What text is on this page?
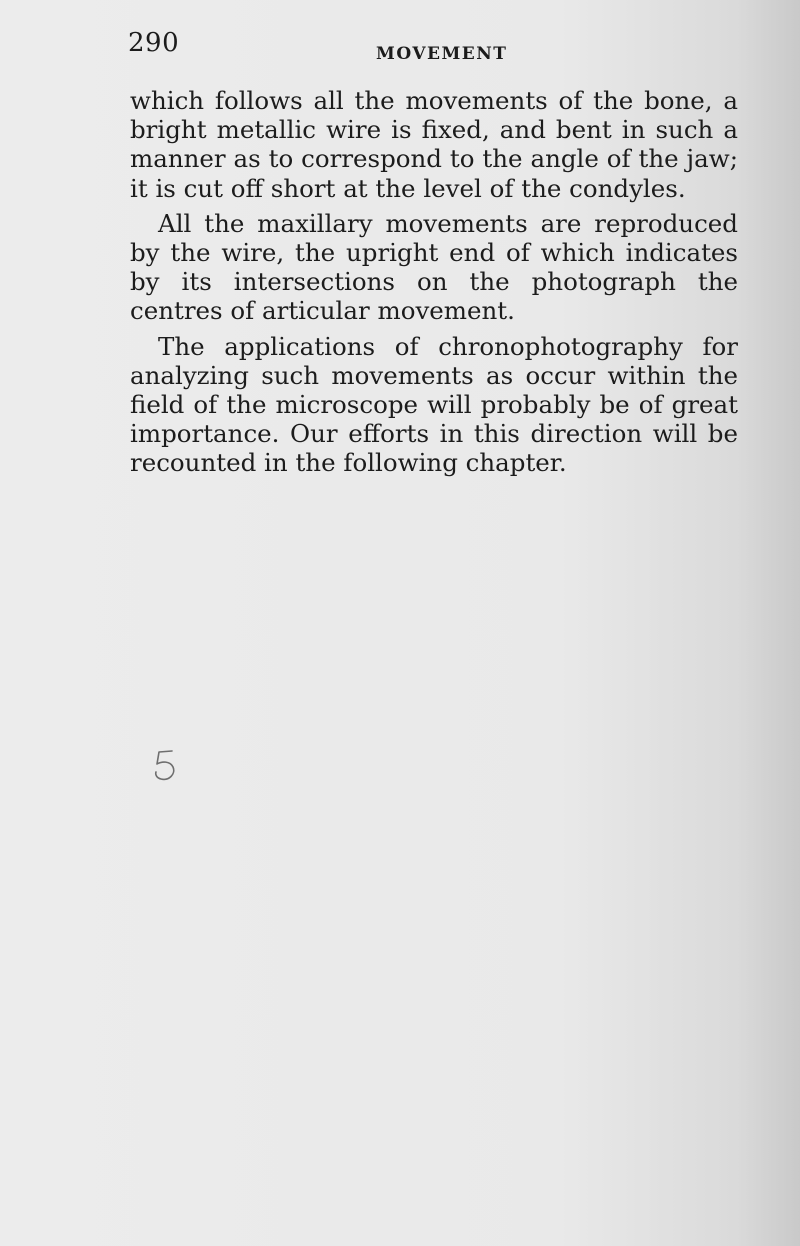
290	MOVEMENT

which follows all the movements of the bone, a bright metallic wire is fixed, and bent in such a manner as to correspond to the angle of the jaw; it is cut off short at the level of the condyles.

All the maxillary movements are reproduced by the wire, the upright end of which indicates by its intersections on the photograph the centres of articular movement.

The applications of chronophotography for analyzing such movements as occur within the field of the microscope will probably be of great importance. Our efforts in this direction will be recounted in the following chapter.
